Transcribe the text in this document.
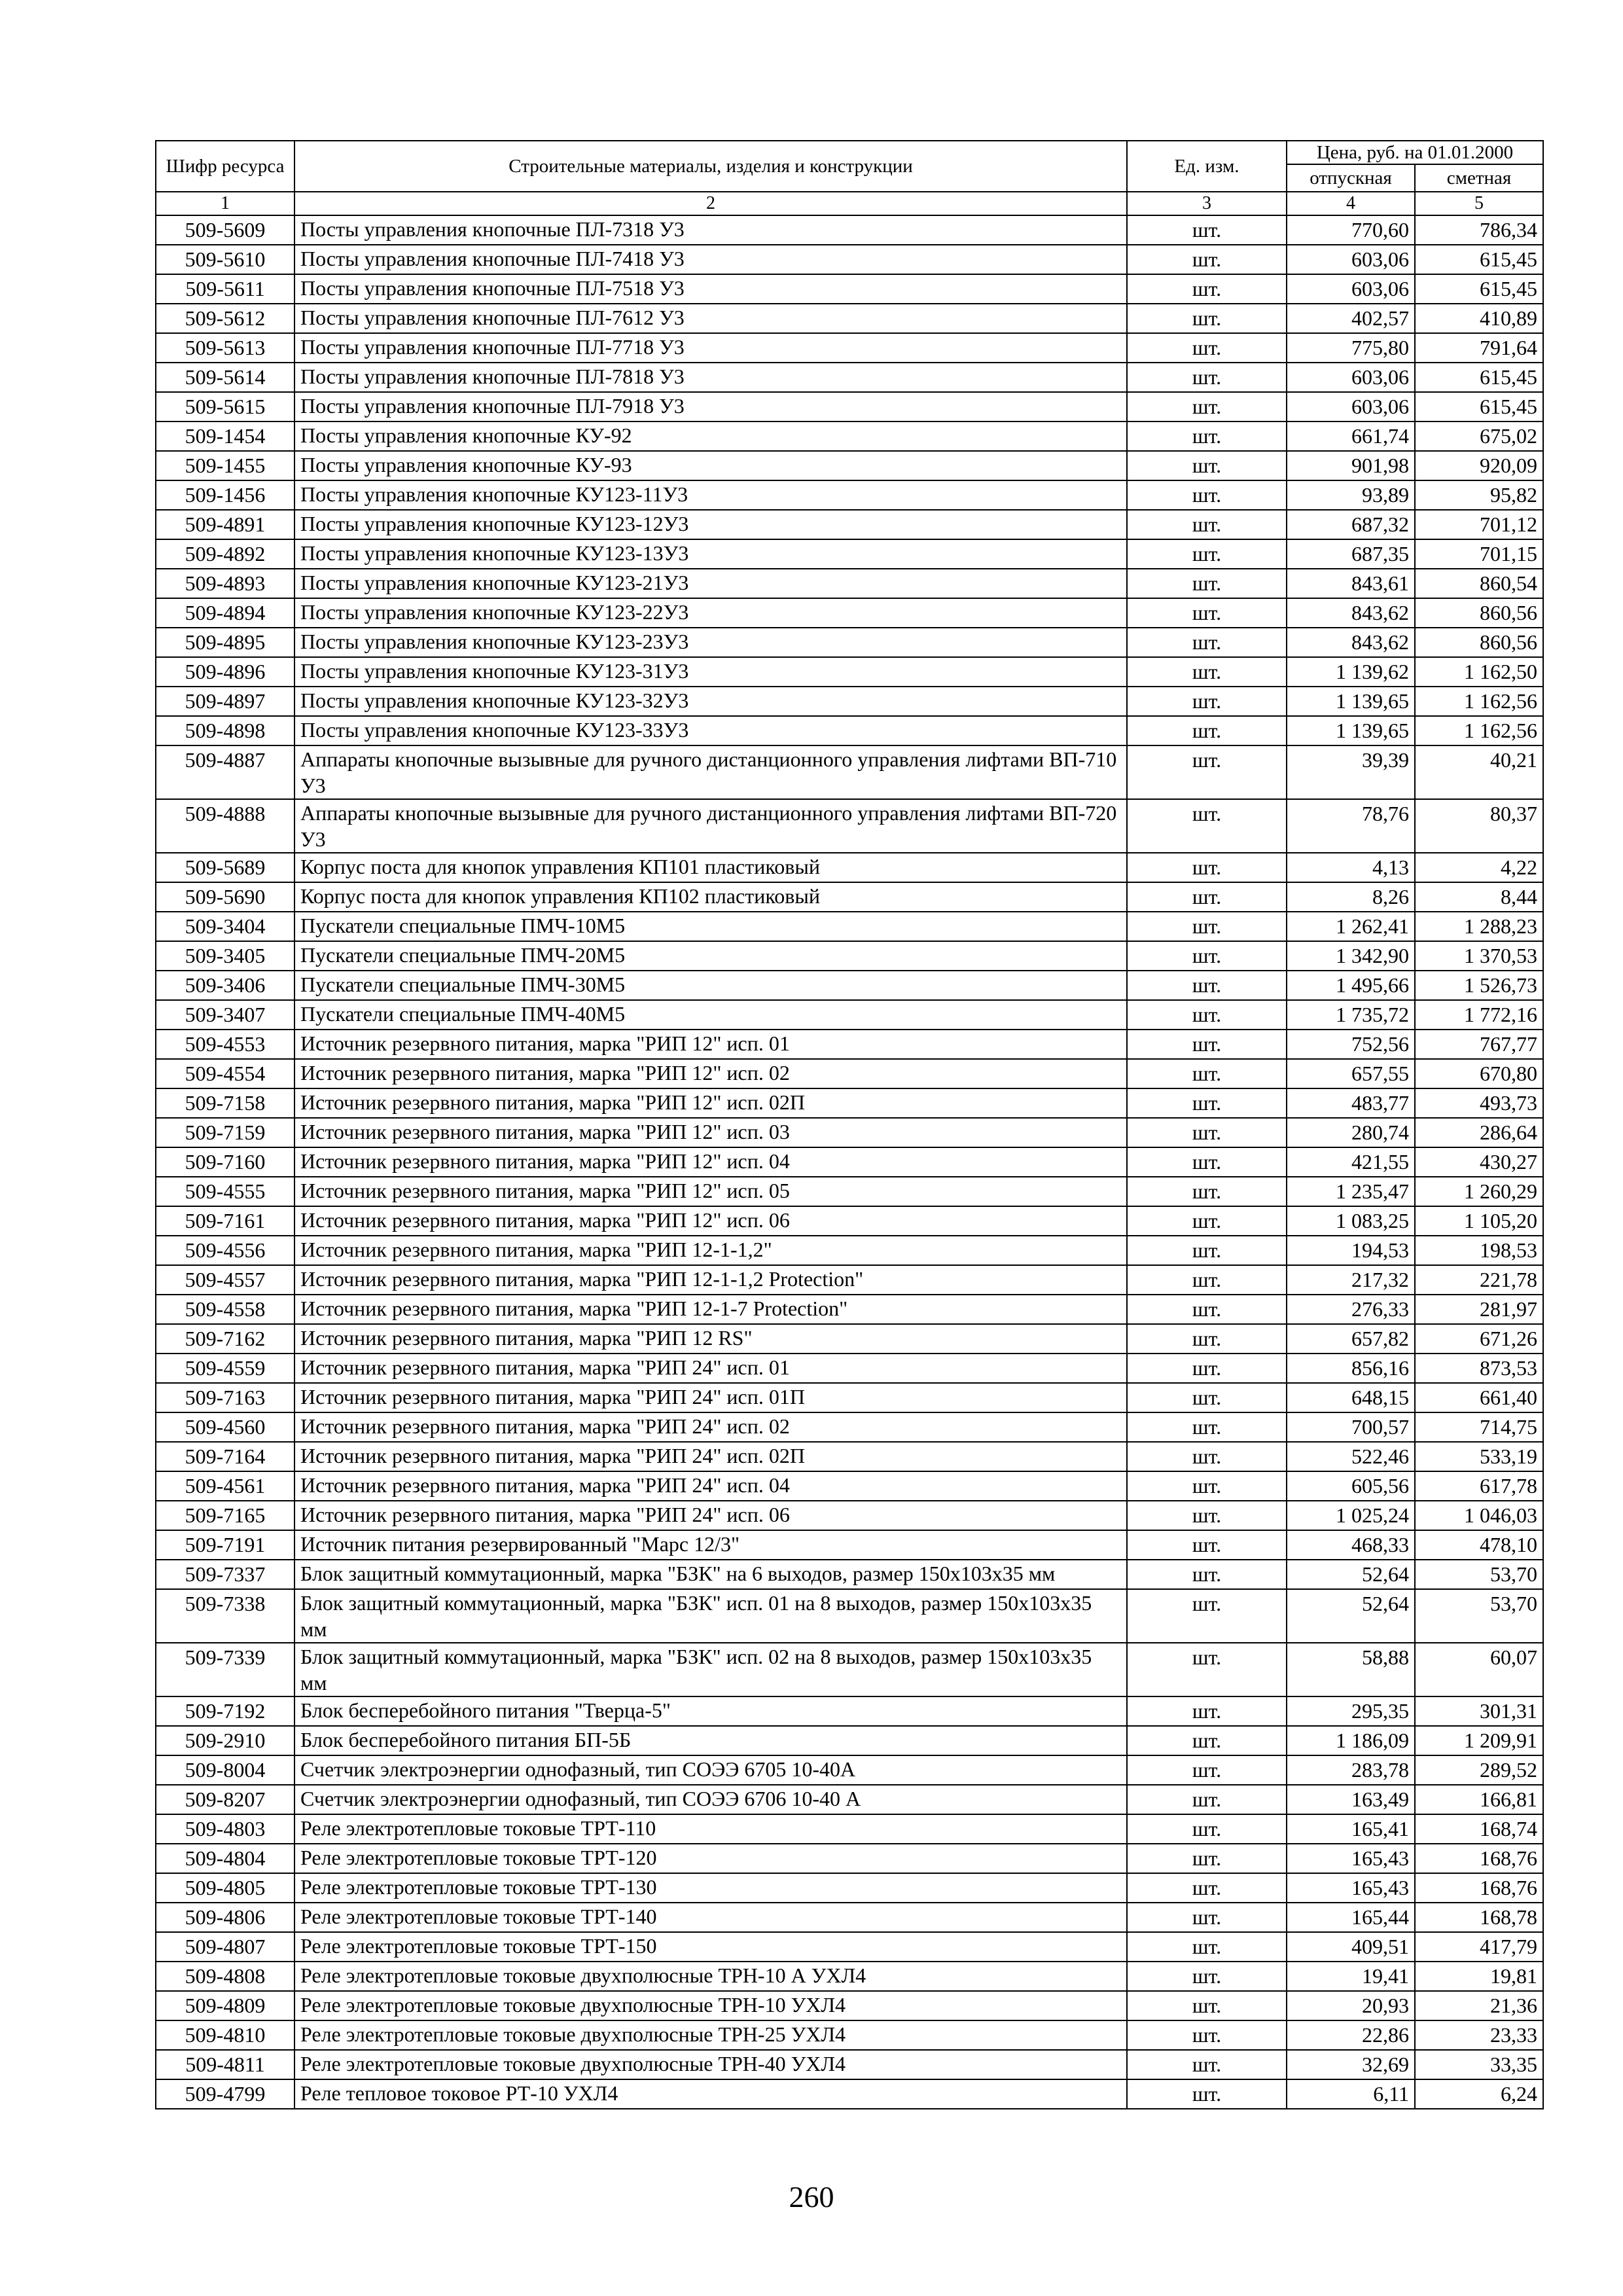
Шифр ресурса	Строительные материалы, изделия и конструкции	Ед. изм.	Цена, руб. на 01.01.2000	
			отпускная	сметная
1	2	3	4	5
509-5609	Посты управления кнопочные ПЛ-7318 У3	шт.	770,60	786,34
509-5610	Посты управления кнопочные ПЛ-7418 У3	шт.	603,06	615,45
509-5611	Посты управления кнопочные ПЛ-7518 У3	шт.	603,06	615,45
509-5612	Посты управления кнопочные ПЛ-7612 У3	шт.	402,57	410,89
509-5613	Посты управления кнопочные ПЛ-7718 У3	шт.	775,80	791,64
509-5614	Посты управления кнопочные ПЛ-7818 У3	шт.	603,06	615,45
509-5615	Посты управления кнопочные ПЛ-7918 У3	шт.	603,06	615,45
509-1454	Посты управления кнопочные КУ-92	шт.	661,74	675,02
509-1455	Посты управления кнопочные КУ-93	шт.	901,98	920,09
509-1456	Посты управления кнопочные КУ123-11У3	шт.	93,89	95,82
509-4891	Посты управления кнопочные КУ123-12У3	шт.	687,32	701,12
509-4892	Посты управления кнопочные КУ123-13У3	шт.	687,35	701,15
509-4893	Посты управления кнопочные КУ123-21У3	шт.	843,61	860,54
509-4894	Посты управления кнопочные КУ123-22У3	шт.	843,62	860,56
509-4895	Посты управления кнопочные КУ123-23У3	шт.	843,62	860,56
509-4896	Посты управления кнопочные КУ123-31У3	шт.	1 139,62	1 162,50
509-4897	Посты управления кнопочные КУ123-32У3	шт.	1 139,65	1 162,56
509-4898	Посты управления кнопочные КУ123-33У3	шт.	1 139,65	1 162,56
509-4887	Аппараты кнопочные вызывные для ручного дистанционного управления лифтами ВП-710 У3	шт.	39,39	40,21
509-4888	Аппараты кнопочные вызывные для ручного дистанционного управления лифтами ВП-720 У3	шт.	78,76	80,37
509-5689	Корпус поста для кнопок управления КП101 пластиковый	шт.	4,13	4,22
509-5690	Корпус поста для кнопок управления КП102 пластиковый	шт.	8,26	8,44
509-3404	Пускатели специальные ПМЧ-10М5	шт.	1 262,41	1 288,23
509-3405	Пускатели специальные ПМЧ-20М5	шт.	1 342,90	1 370,53
509-3406	Пускатели специальные ПМЧ-30М5	шт.	1 495,66	1 526,73
509-3407	Пускатели специальные ПМЧ-40М5	шт.	1 735,72	1 772,16
509-4553	Источник резервного питания, марка "РИП 12" исп. 01	шт.	752,56	767,77
509-4554	Источник резервного питания, марка "РИП 12" исп. 02	шт.	657,55	670,80
509-7158	Источник резервного питания, марка "РИП 12" исп. 02П	шт.	483,77	493,73
509-7159	Источник резервного питания, марка "РИП 12" исп. 03	шт.	280,74	286,64
509-7160	Источник резервного питания, марка "РИП 12" исп. 04	шт.	421,55	430,27
509-4555	Источник резервного питания, марка "РИП 12" исп. 05	шт.	1 235,47	1 260,29
509-7161	Источник резервного питания, марка "РИП 12" исп. 06	шт.	1 083,25	1 105,20
509-4556	Источник резервного питания, марка "РИП 12-1-1,2"	шт.	194,53	198,53
509-4557	Источник резервного питания, марка "РИП 12-1-1,2 Protection"	шт.	217,32	221,78
509-4558	Источник резервного питания, марка "РИП 12-1-7 Protection"	шт.	276,33	281,97
509-7162	Источник резервного питания, марка "РИП 12 RS"	шт.	657,82	671,26
509-4559	Источник резервного питания, марка "РИП 24" исп. 01	шт.	856,16	873,53
509-7163	Источник резервного питания, марка "РИП 24" исп. 01П	шт.	648,15	661,40
509-4560	Источник резервного питания, марка "РИП 24" исп. 02	шт.	700,57	714,75
509-7164	Источник резервного питания, марка "РИП 24" исп. 02П	шт.	522,46	533,19
509-4561	Источник резервного питания, марка "РИП 24" исп. 04	шт.	605,56	617,78
509-7165	Источник резервного питания, марка "РИП 24" исп. 06	шт.	1 025,24	1 046,03
509-7191	Источник питания резервированный "Марс 12/3"	шт.	468,33	478,10
509-7337	Блок защитный коммутационный, марка "БЗК" на 6 выходов, размер 150х103х35 мм	шт.	52,64	53,70
509-7338	Блок защитный коммутационный, марка "БЗК" исп. 01 на 8 выходов, размер 150х103х35 мм	шт.	52,64	53,70
509-7339	Блок защитный коммутационный, марка "БЗК" исп. 02 на 8 выходов, размер 150х103х35 мм	шт.	58,88	60,07
509-7192	Блок бесперебойного питания "Тверца-5"	шт.	295,35	301,31
509-2910	Блок бесперебойного питания БП-5Б	шт.	1 186,09	1 209,91
509-8004	Счетчик электроэнергии однофазный, тип СОЭЭ 6705 10-40А	шт.	283,78	289,52
509-8207	Счетчик электроэнергии однофазный, тип СОЭЭ 6706 10-40 А	шт.	163,49	166,81
509-4803	Реле электротепловые токовые ТРТ-110	шт.	165,41	168,74
509-4804	Реле электротепловые токовые ТРТ-120	шт.	165,43	168,76
509-4805	Реле электротепловые токовые ТРТ-130	шт.	165,43	168,76
509-4806	Реле электротепловые токовые ТРТ-140	шт.	165,44	168,78
509-4807	Реле электротепловые токовые ТРТ-150	шт.	409,51	417,79
509-4808	Реле электротепловые токовые двухполюсные ТРН-10 А УХЛ4	шт.	19,41	19,81
509-4809	Реле электротепловые токовые двухполюсные ТРН-10 УХЛ4	шт.	20,93	21,36
509-4810	Реле электротепловые токовые двухполюсные ТРН-25 УХЛ4	шт.	22,86	23,33
509-4811	Реле электротепловые токовые двухполюсные ТРН-40 УХЛ4	шт.	32,69	33,35
509-4799	Реле тепловое токовое РТ-10 УХЛ4	шт.	6,11	6,24
260
